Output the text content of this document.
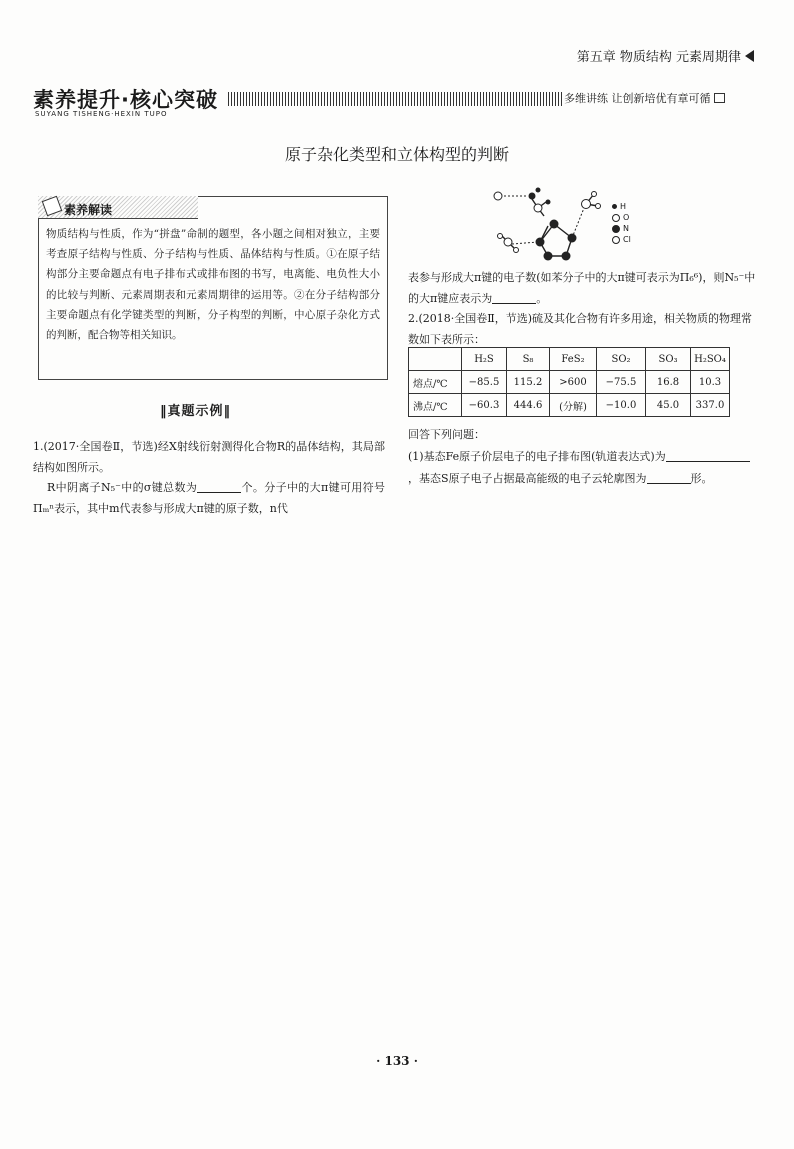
第五章 物质结构 元素周期律
素养提升·核心突破
SUYANG TISHENG·HEXIN TUPO
多维讲练 让创新培优有章可循
原子杂化类型和立体构型的判断
素养解读
物质结构与性质，作为“拼盘”命制的题型，各小题之间相对独立，主要考查原子结构与性质、分子结构与性质、晶体结构与性质。①在原子结构部分主要命题点有电子排布式或排布图的书写，电离能、电负性大小的比较与判断、元素周期表和元素周期律的运用等。②在分子结构部分主要命题点有化学键类型的判断，分子构型的判断，中心原子杂化方式的判断，配合物等相关知识。
‖真题示例‖

1.(2017·全国卷Ⅱ，节选)经X射线衍射测得化合物R的晶体结构，其局部结构如图所示。

R中阴离子N₅⁻中的σ键总数为	个。分子中的大π键可用符号Πₘⁿ表示，其中m代表参与形成大π键的原子数，n代

H
O
N
Cl

表参与形成大π键的电子数(如苯分子中的大π键可表示为Π₆⁶)，则N₅⁻中的大π键应表示为	。

2.(2018·全国卷Ⅱ，节选)硫及其化合物有许多用途，相关物质的物理常数如下表所示：

	H₂S	S₈	FeS₂	SO₂	SO₃	H₂SO₄
熔点/℃	−85.5	115.2	>600	−75.5	16.8	10.3
沸点/℃	−60.3	444.6	(分解)	−10.0	45.0	337.0

回答下列问题：

(1)基态Fe原子价层电子的电子排布图(轨道表达式)为，基态S原子电子占据最高能级的电子云轮廓图为	形。

· 133 ·
